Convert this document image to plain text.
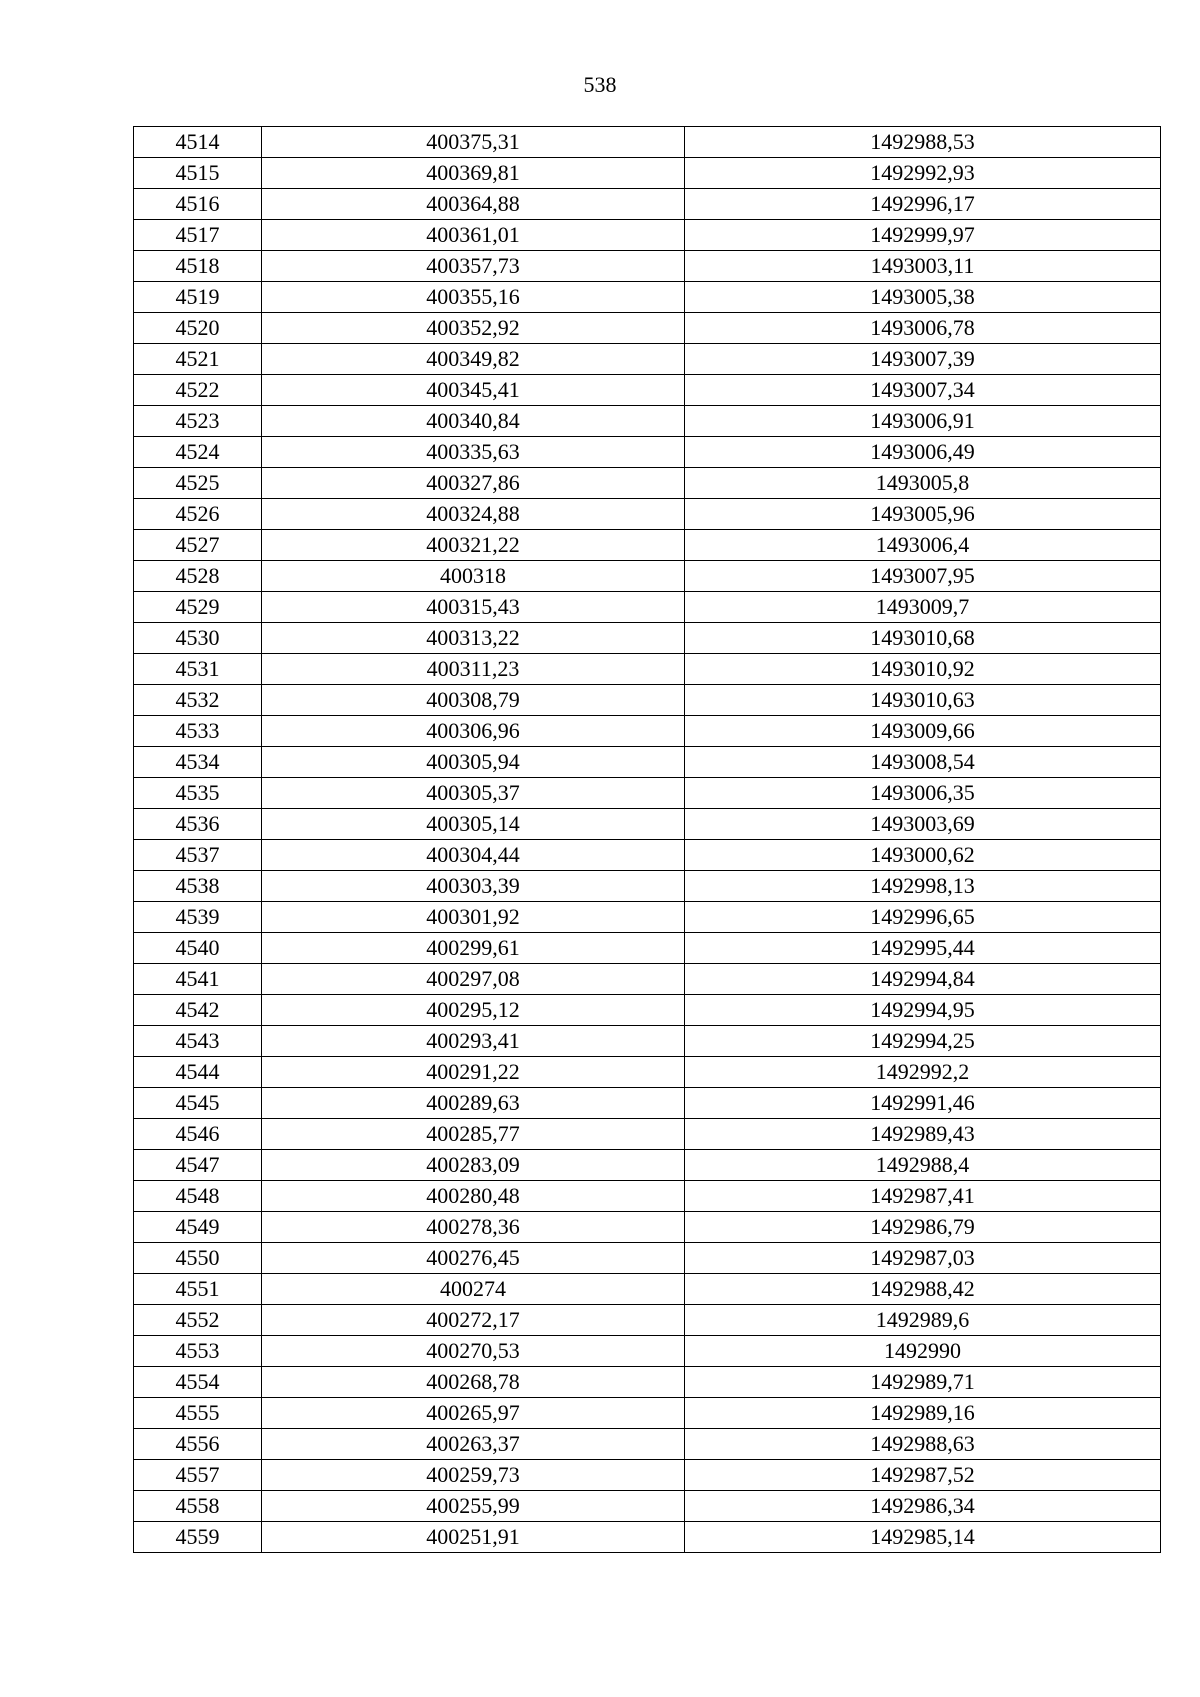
538
4514	400375,31	1492988,53
4515	400369,81	1492992,93
4516	400364,88	1492996,17
4517	400361,01	1492999,97
4518	400357,73	1493003,11
4519	400355,16	1493005,38
4520	400352,92	1493006,78
4521	400349,82	1493007,39
4522	400345,41	1493007,34
4523	400340,84	1493006,91
4524	400335,63	1493006,49
4525	400327,86	1493005,8
4526	400324,88	1493005,96
4527	400321,22	1493006,4
4528	400318	1493007,95
4529	400315,43	1493009,7
4530	400313,22	1493010,68
4531	400311,23	1493010,92
4532	400308,79	1493010,63
4533	400306,96	1493009,66
4534	400305,94	1493008,54
4535	400305,37	1493006,35
4536	400305,14	1493003,69
4537	400304,44	1493000,62
4538	400303,39	1492998,13
4539	400301,92	1492996,65
4540	400299,61	1492995,44
4541	400297,08	1492994,84
4542	400295,12	1492994,95
4543	400293,41	1492994,25
4544	400291,22	1492992,2
4545	400289,63	1492991,46
4546	400285,77	1492989,43
4547	400283,09	1492988,4
4548	400280,48	1492987,41
4549	400278,36	1492986,79
4550	400276,45	1492987,03
4551	400274	1492988,42
4552	400272,17	1492989,6
4553	400270,53	1492990
4554	400268,78	1492989,71
4555	400265,97	1492989,16
4556	400263,37	1492988,63
4557	400259,73	1492987,52
4558	400255,99	1492986,34
4559	400251,91	1492985,14
